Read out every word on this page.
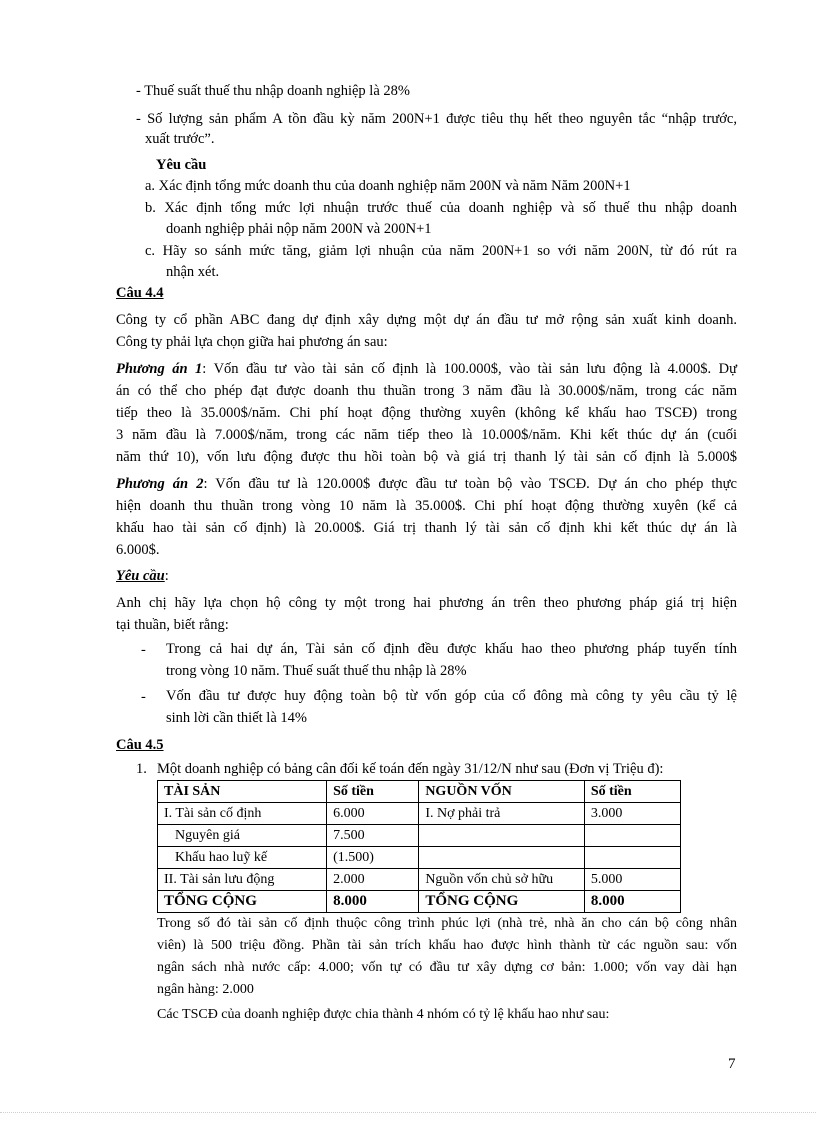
- Thuế suất thuế thu nhập doanh nghiệp là 28%
- Số lượng sản phẩm A tồn đầu kỳ năm 200N+1 được tiêu thụ hết theo nguyên tắc “nhập trước,
xuất trước”.
Yêu cầu
a. Xác định tổng mức doanh thu của doanh nghiệp năm 200N và năm Năm 200N+1
b. Xác định tổng mức lợi nhuận trước thuế của doanh nghiệp và số thuế thu nhập doanh
doanh nghiệp phải nộp năm 200N và 200N+1
c. Hãy so sánh mức tăng, giảm lợi nhuận của năm 200N+1 so với năm 200N, từ đó rút ra
nhận xét.
Câu 4.4
Công ty cổ phần ABC đang dự định xây dựng một dự án đầu tư mở rộng sản xuất kinh doanh.
Công ty phải lựa chọn giữa hai phương án sau:
Phương án 1: Vốn đầu tư vào tài sản cố định là 100.000$, vào tài sản lưu động là 4.000$. Dự
án có thể cho phép đạt được doanh thu thuần trong 3 năm đầu là 30.000$/năm, trong các năm
tiếp theo là 35.000$/năm. Chi phí hoạt động thường xuyên (không kể khấu hao TSCĐ) trong
3 năm đầu là 7.000$/năm, trong các năm tiếp theo là 10.000$/năm. Khi kết thúc dự án (cuối
năm thứ 10), vốn lưu động được thu hồi toàn bộ và giá trị thanh lý tài sản cố định là 5.000$
Phương án 2: Vốn đầu tư là 120.000$ được đầu tư toàn bộ vào TSCĐ. Dự án cho phép thực
hiện doanh thu thuần trong vòng 10 năm là 35.000$. Chi phí hoạt động thường xuyên (kể cả
khấu hao tài sản cố định) là 20.000$. Giá trị thanh lý tài sản cố định khi kết thúc dự án là
6.000$.
Yêu cầu:
Anh chị hãy lựa chọn hộ công ty một trong hai phương án trên theo phương pháp giá trị hiện
tại thuần, biết rằng:
- Trong cả hai dự án, Tài sản cố định đều được khấu hao theo phương pháp tuyến tính
trong vòng 10 năm. Thuế suất thuế thu nhập là 28%
- Vốn đầu tư được huy động toàn bộ từ vốn góp của cổ đông mà công ty yêu cầu tỷ lệ
sinh lời cần thiết là 14%
Câu 4.5
1. Một doanh nghiệp có bảng cân đối kế toán đến ngày 31/12/N như sau (Đơn vị Triệu đ):
TÀI SẢN	Số tiền	NGUỒN VỐN	Số tiền
I. Tài sản cố định	6.000	I. Nợ phải trả	3.000
Nguyên giá	7.500		
Khấu hao luỹ kế	(1.500)		
II. Tài sản lưu động	2.000	Nguồn vốn chủ sở hữu	5.000
TỔNG CỘNG	8.000	TỔNG CỘNG	8.000
Trong số đó tài sản cố định thuộc công trình phúc lợi (nhà trẻ, nhà ăn cho cán bộ công nhân
viên) là 500 triệu đồng. Phần tài sản trích khấu hao được hình thành từ các nguồn sau: vốn
ngân sách nhà nước cấp: 4.000; vốn tự có đầu tư xây dựng cơ bản: 1.000; vốn vay dài hạn
ngân hàng: 2.000
Các TSCĐ của doanh nghiệp được chia thành 4 nhóm có tỷ lệ khấu hao như sau:
7
